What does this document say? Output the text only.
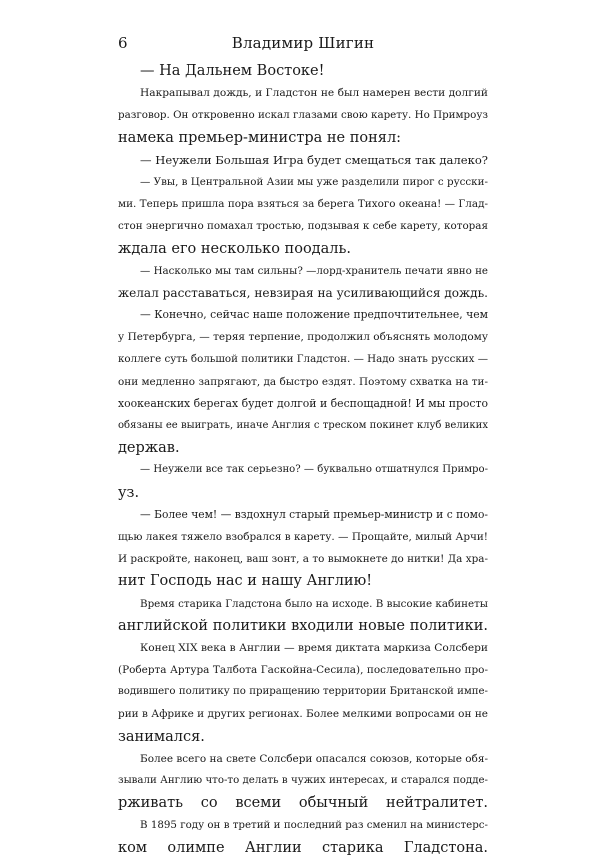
6	Владимир Шигин
— На Дальнем Востоке!
Накрапывал дождь, и Гладстон не был намерен вести долгий
разговор. Он откровенно искал глазами свою карету. Но Примроуз
намека премьер-министра не понял:
— Неужели Большая Игра будет смещаться так далеко?
— Увы, в Центральной Азии мы уже разделили пирог с русски-
ми. Теперь пришла пора взяться за берега Тихого океана! — Глад-
стон энергично помахал тростью, подзывая к себе карету, которая
ждала его несколько поодаль.
— Насколько мы там сильны? —лорд-хранитель печати явно не
желал расставаться, невзирая на усиливающийся дождь.
— Конечно, сейчас наше положение предпочтительнее, чем
у Петербурга, — теряя терпение, продолжил объяснять молодому
коллеге суть большой политики Гладстон. — Надо знать русских —
они медленно запрягают, да быстро ездят. Поэтому схватка на ти-
хоокеанских берегах будет долгой и беспощадной! И мы просто
обязаны ее выиграть, иначе Англия с треском покинет клуб великих
держав.
— Неужели все так серьезно? — буквально отшатнулся Примро-
уз.
— Более чем! — вздохнул старый премьер-министр и с помо-
щью лакея тяжело взобрался в карету. — Прощайте, милый Арчи!
И раскройте, наконец, ваш зонт, а то вымокнете до нитки! Да хра-
нит Господь нас и нашу Англию!
Время старика Гладстона было на исходе. В высокие кабинеты
английской политики входили новые политики.
Конец XIX века в Англии — время диктата маркиза Солсбери
(Роберта Артура Талбота Гаскойна-Сесила), последовательно про-
водившего политику по приращению территории Британской импе-
рии в Африке и других регионах. Более мелкими вопросами он не
занимался.
Более всего на свете Солсбери опасался союзов, которые обя-
зывали Англию что-то делать в чужих интересах, и старался подде-
рживать со всеми обычный нейтралитет.
В 1895 году он в третий и последний раз сменил на министерс-
ком олимпе Англии старика Гладстона.
